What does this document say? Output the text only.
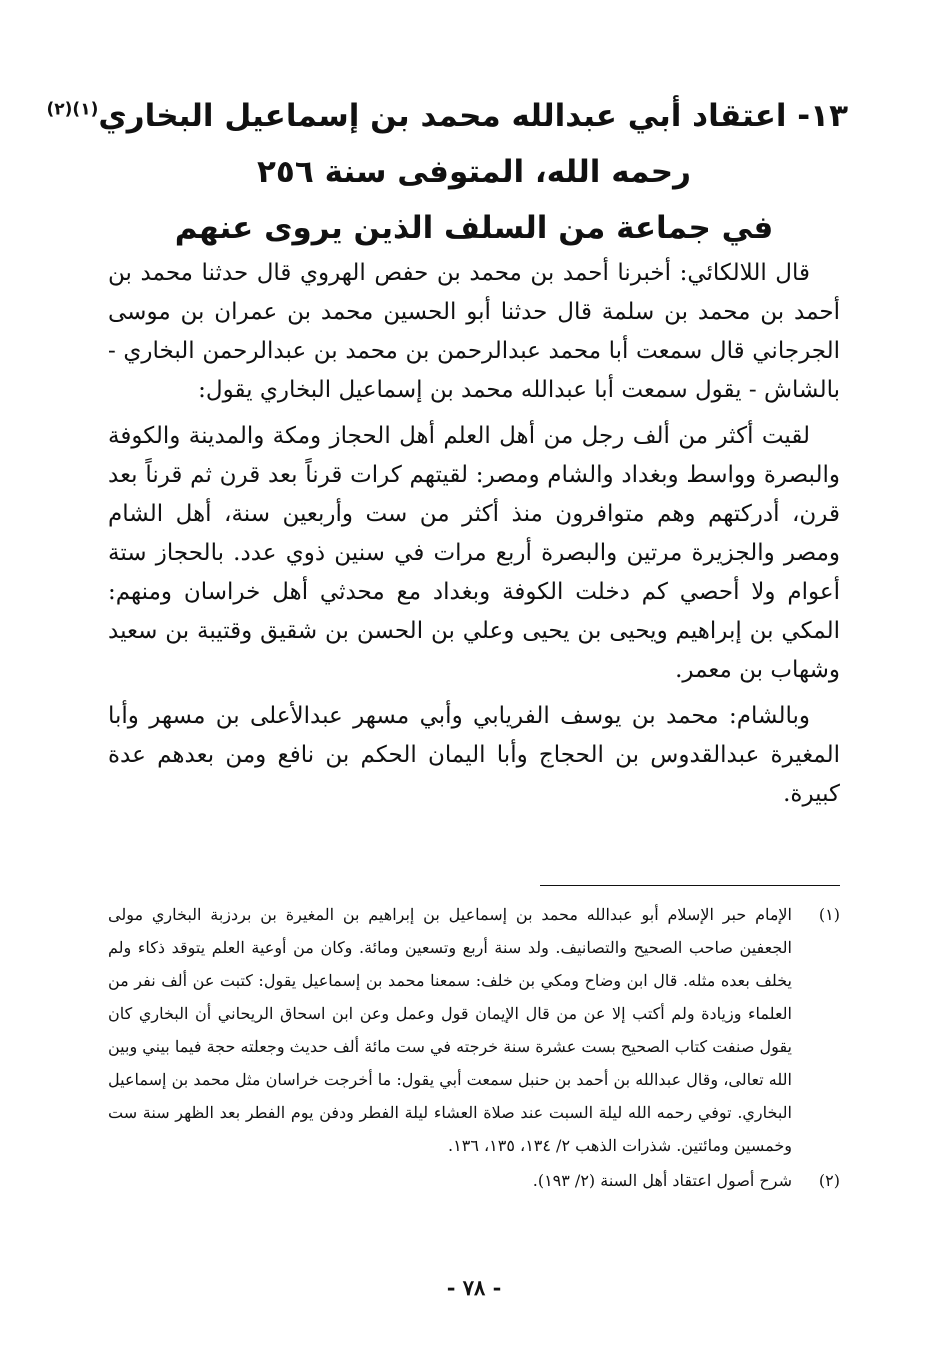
١٣- اعتقاد أبي عبدالله محمد بن إسماعيل البخاري$^{(١)(٢)}$
رحمه الله، المتوفى سنة ٢٥٦
في جماعة من السلف الذين يروى عنهم

قال اللالكائي: أخبرنا أحمد بن محمد بن حفص الهروي قال حدثنا محمد بن أحمد بن محمد بن سلمة قال حدثنا أبو الحسين محمد بن عمران بن موسى الجرجاني قال سمعت أبا محمد عبدالرحمن بن محمد بن عبدالرحمن البخاري - بالشاش - يقول سمعت أبا عبدالله محمد بن إسماعيل البخاري يقول:

لقيت أكثر من ألف رجل من أهل العلم أهل الحجاز ومكة والمدينة والكوفة والبصرة وواسط وبغداد والشام ومصر: لقيتهم كرات قرناً بعد قرن ثم قرناً بعد قرن، أدركتهم وهم متوافرون منذ أكثر من ست وأربعين سنة، أهل الشام ومصر والجزيرة مرتين والبصرة أربع مرات في سنين ذوي عدد. بالحجاز ستة أعوام ولا أحصي كم دخلت الكوفة وبغداد مع محدثي أهل خراسان ومنهم: المكي بن إبراهيم ويحيى بن يحيى وعلي بن الحسن بن شقيق وقتيبة بن سعيد وشهاب بن معمر.

وبالشام: محمد بن يوسف الفريابي وأبي مسهر عبدالأعلى بن مسهر وأبا المغيرة عبدالقدوس بن الحجاج وأبا اليمان الحكم بن نافع ومن بعدهم عدة كبيرة.

(١)
الإمام حبر الإسلام أبو عبدالله محمد بن إسماعيل بن إبراهيم بن المغيرة بن بردزبة البخاري مولى الجعفين صاحب الصحيح والتصانيف. ولد سنة أربع وتسعين ومائة. وكان من أوعية العلم يتوقد ذكاء ولم يخلف بعده مثله. قال ابن وضاح ومكي بن خلف: سمعنا محمد بن إسماعيل يقول: كتبت عن ألف نفر من العلماء وزيادة ولم أكتب إلا عن من قال الإيمان قول وعمل وعن ابن اسحاق الريحاني أن البخاري كان يقول صنفت كتاب الصحيح بست عشرة سنة خرجته في ست مائة ألف حديث وجعلته حجة فيما بيني وبين الله تعالى، وقال عبدالله بن أحمد بن حنبل سمعت أبي يقول: ما أخرجت خراسان مثل محمد بن إسماعيل البخاري. توفي رحمه الله ليلة السبت عند صلاة العشاء ليلة الفطر ودفن يوم الفطر بعد الظهر سنة ست وخمسين ومائتين. شذرات الذهب ٢/ ١٣٤، ١٣٥، ١٣٦.
(٢)
شرح أصول اعتقاد أهل السنة (٢/ ١٩٣).
- ٧٨ -
